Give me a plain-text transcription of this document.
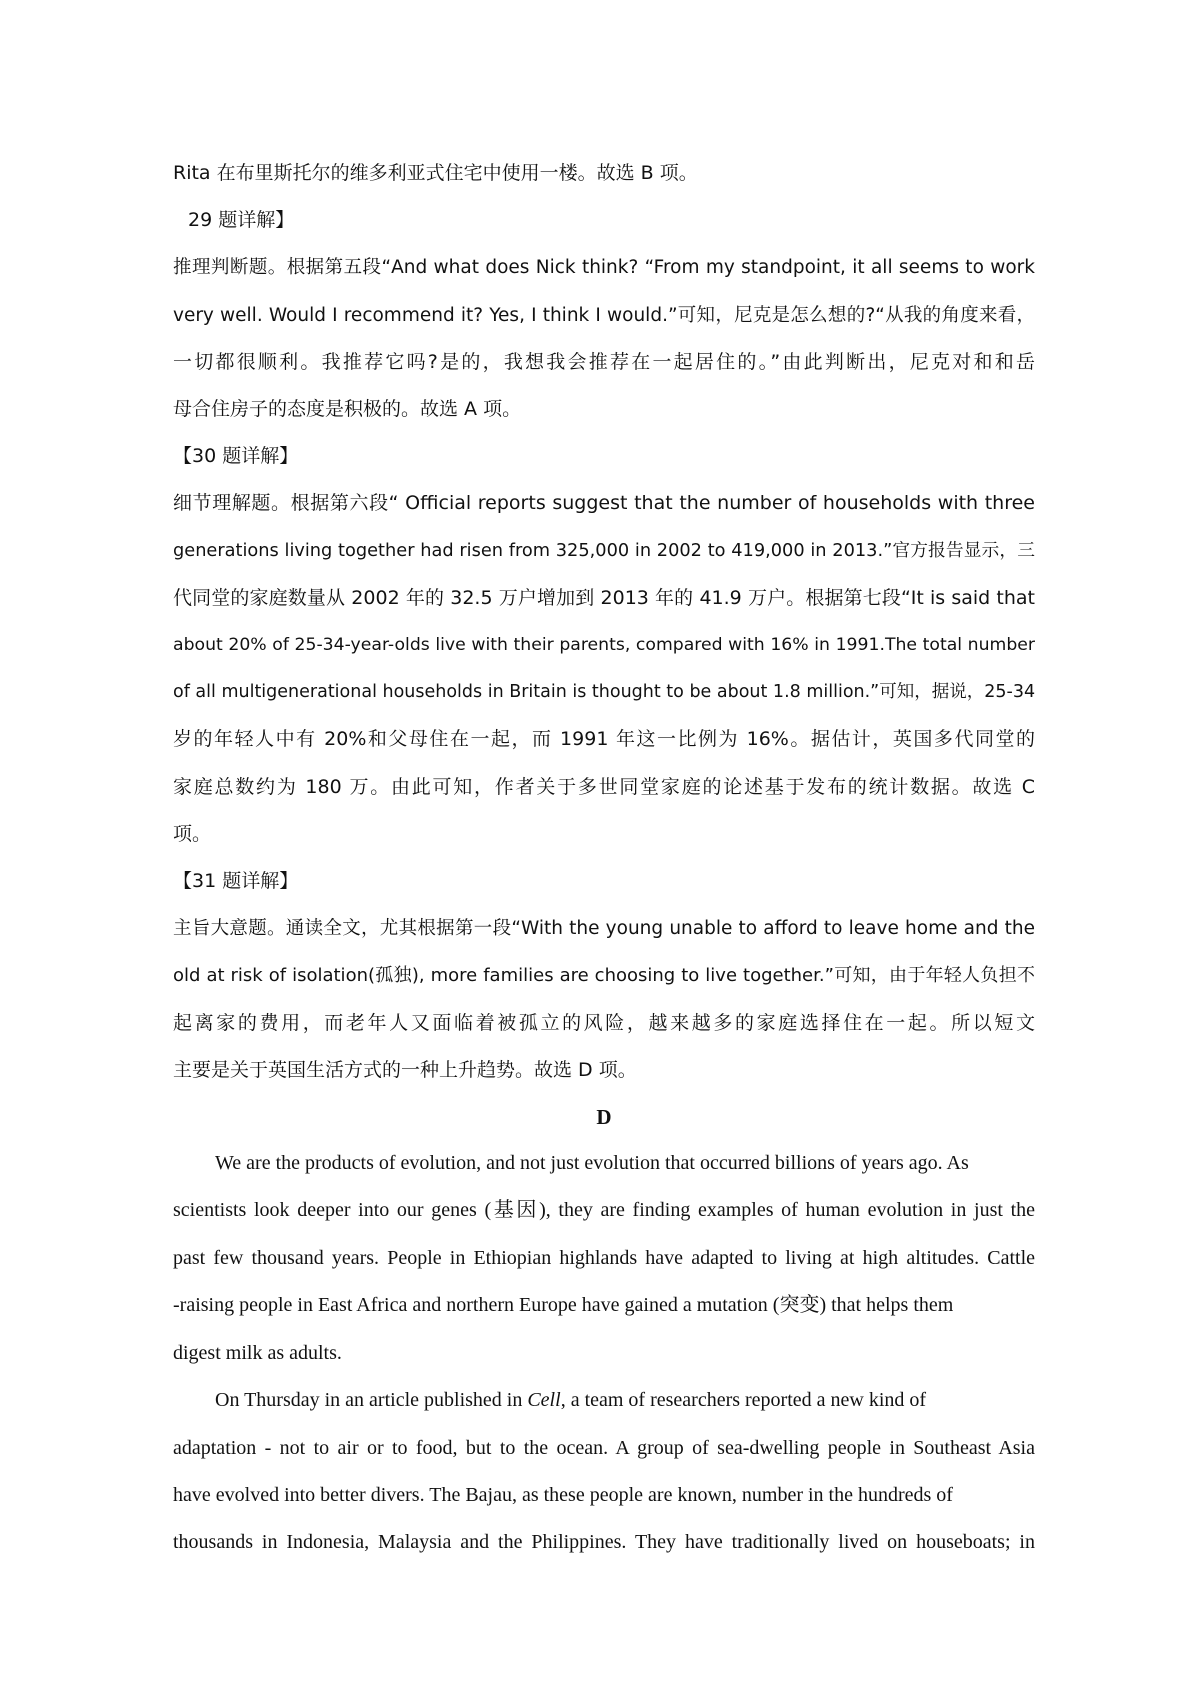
Rita 在布里斯托尔的维多利亚式住宅中使用一楼。故选 B 项。

29 题详解】

推理判断题。根据第五段“And what does Nick think? “From my standpoint, it all seems to work

very well. Would I recommend it? Yes, I think I would.”可知，尼克是怎么想的?“从我的角度来看，

一切都很顺利。我推荐它吗?是的，我想我会推荐在一起居住的。”由此判断出，尼克对和和岳

母合住房子的态度是积极的。故选 A 项。

【30 题详解】

细节理解题。根据第六段“ Official reports suggest that the number of households with three

generations living together had risen from 325,000 in 2002 to 419,000 in 2013.”官方报告显示，三

代同堂的家庭数量从 2002 年的 32.5 万户增加到 2013 年的 41.9 万户。根据第七段“It is said that

about 20% of 25-34-year-olds live with their parents, compared with 16% in 1991.The total number

of all multigenerational households in Britain is thought to be about 1.8 million.”可知，据说，25-34

岁的年轻人中有 20%和父母住在一起，而 1991 年这一比例为 16%。据估计，英国多代同堂的

家庭总数约为 180 万。由此可知，作者关于多世同堂家庭的论述基于发布的统计数据。故选 C

项。

【31 题详解】

主旨大意题。通读全文，尤其根据第一段“With the young unable to afford to leave home and the

old at risk of isolation(孤独), more families are choosing to live together.”可知，由于年轻人负担不

起离家的费用，而老年人又面临着被孤立的风险，越来越多的家庭选择住在一起。所以短文

主要是关于英国生活方式的一种上升趋势。故选 D 项。

D

We are the products of evolution, and not just evolution that occurred billions of years ago. As

scientists look deeper into our genes (基因), they are finding examples of human evolution in just the

past few thousand years. People in Ethiopian highlands have adapted to living at high altitudes. Cattle

-raising people in East Africa and northern Europe have gained a mutation (突变) that helps them

digest milk as adults.

On Thursday in an article published in Cell, a team of researchers reported a new kind of

adaptation - not to air or to food, but to the ocean. A group of sea-dwelling people in Southeast Asia

have evolved into better divers. The Bajau, as these people are known, number in the hundreds of

thousands in Indonesia, Malaysia and the Philippines. They have traditionally lived on houseboats; in
